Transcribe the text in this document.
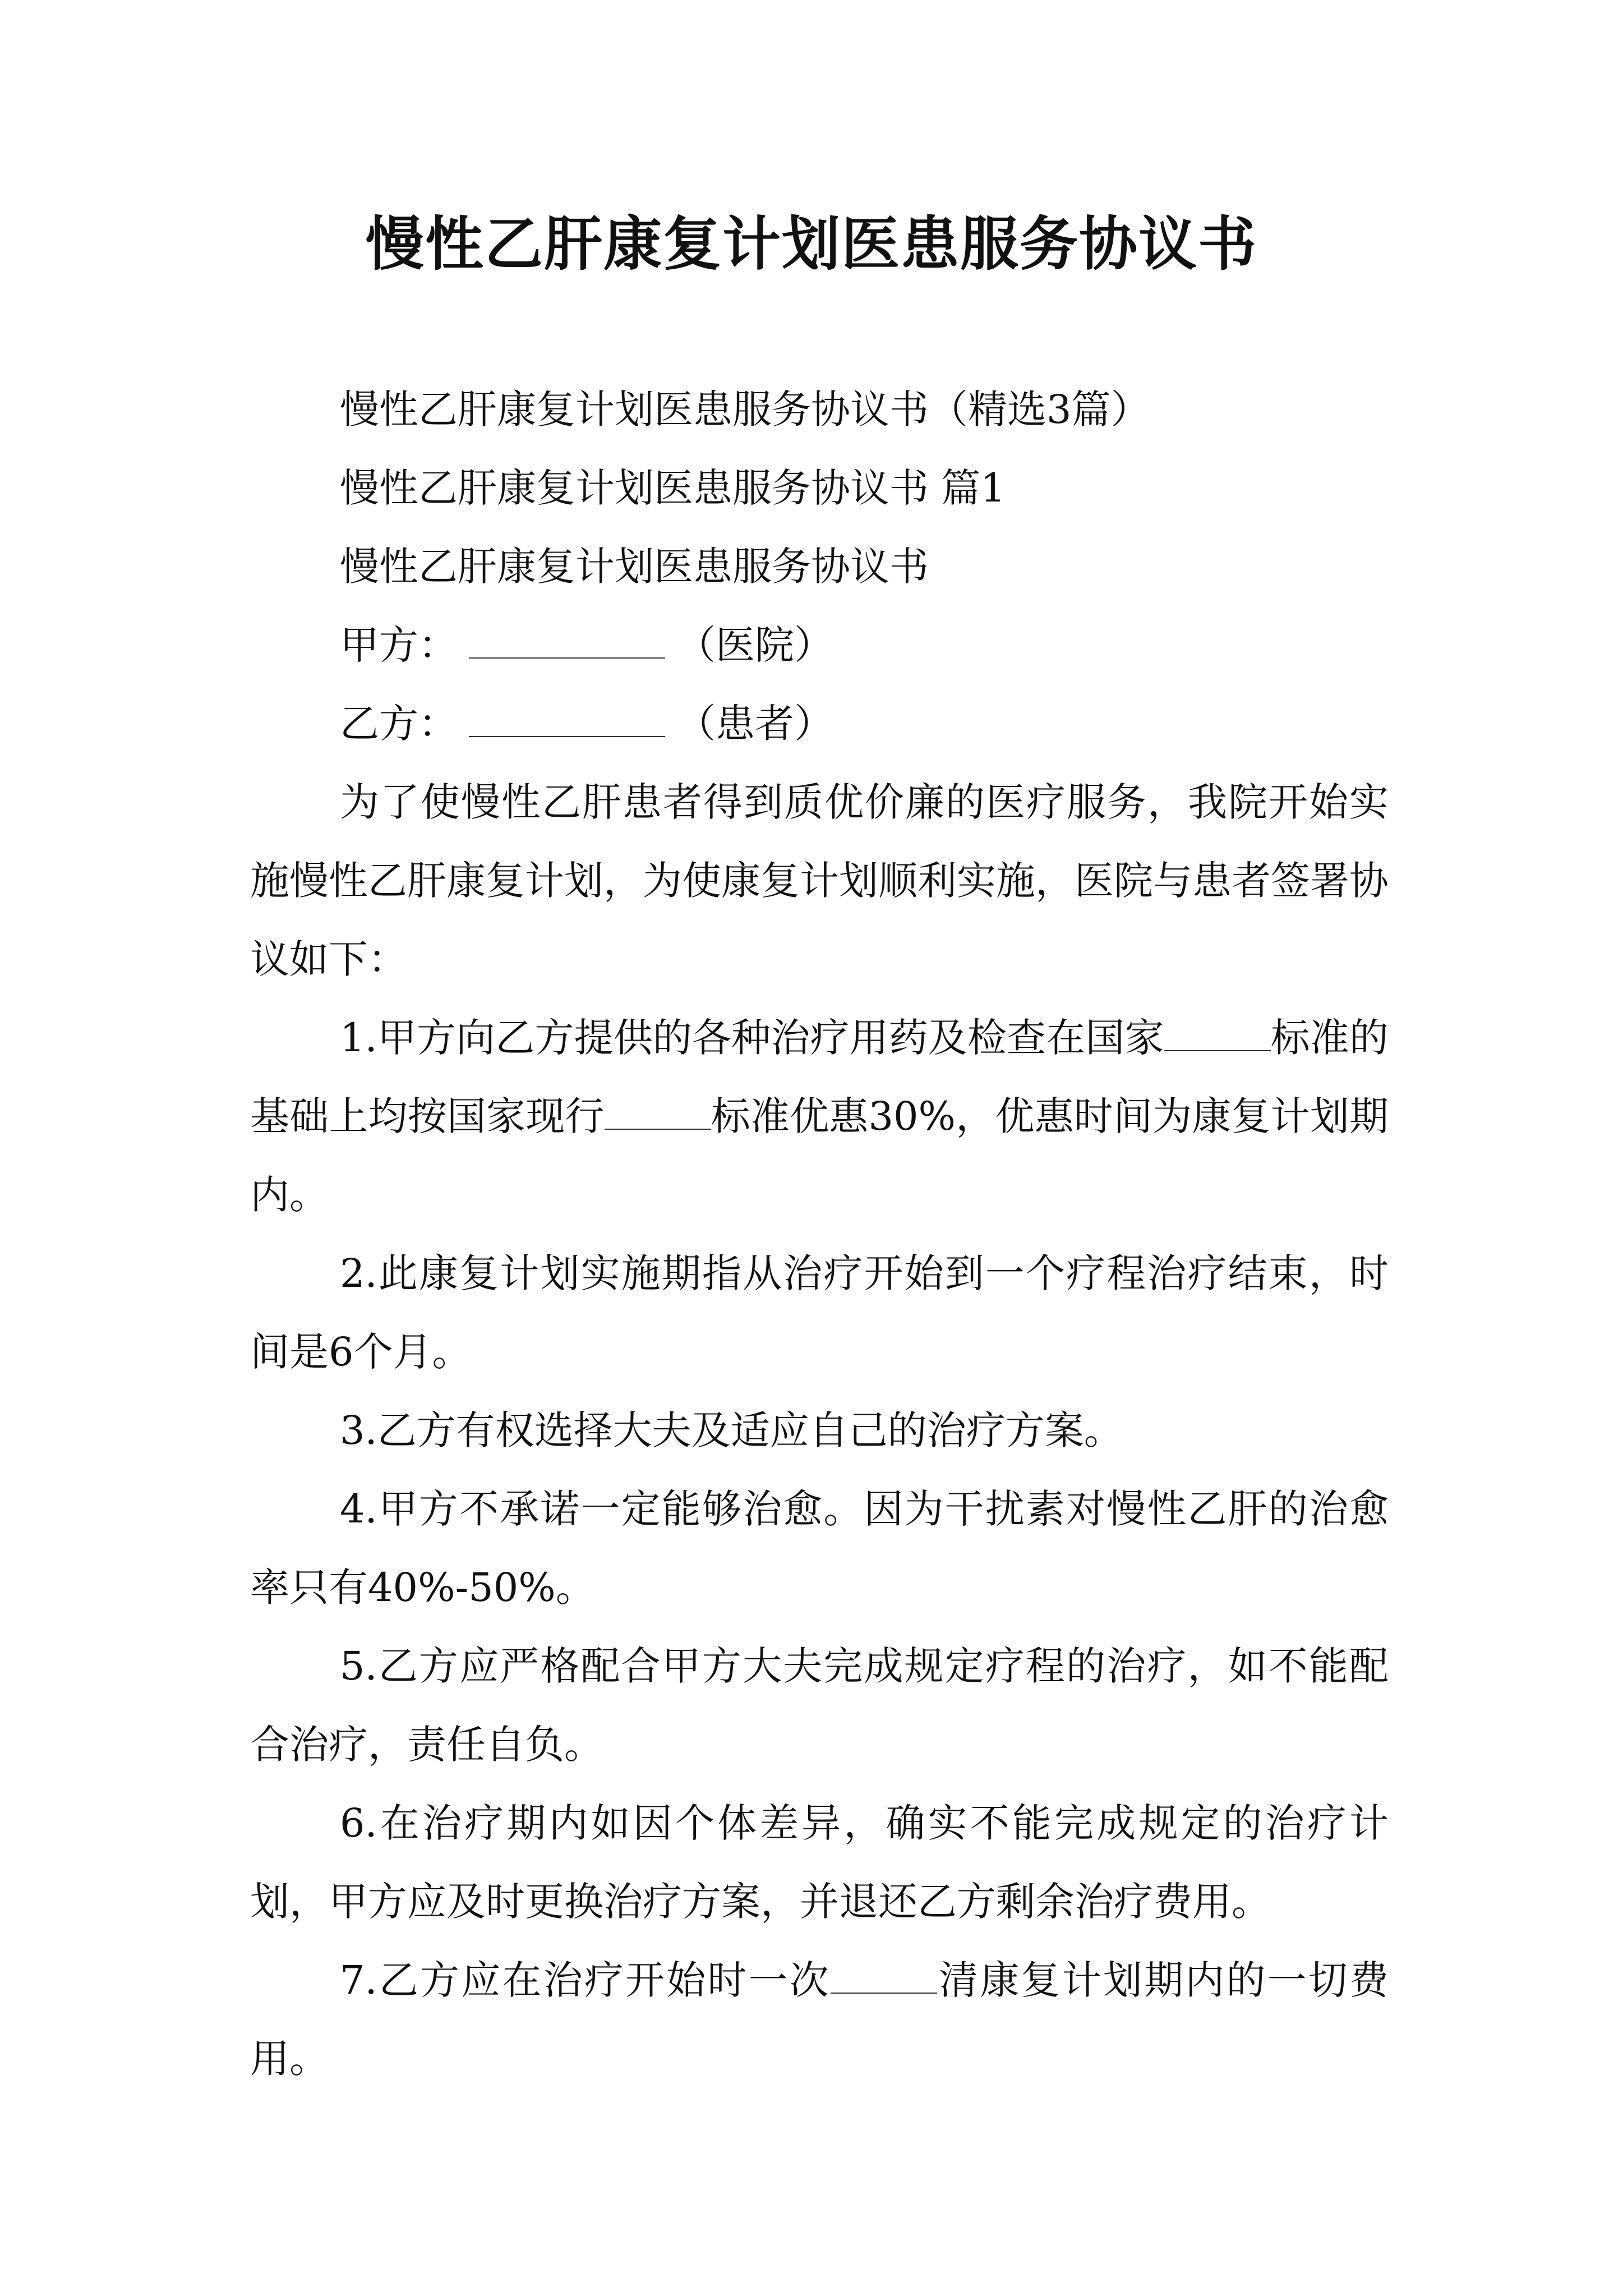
慢性乙肝康复计划医患服务协议书

慢性乙肝康复计划医患服务协议书（精选3篇）

慢性乙肝康复计划医患服务协议书 篇1

慢性乙肝康复计划医患服务协议书

甲方：	（医院）

乙方：	（患者）

为了使慢性乙肝患者得到质优价廉的医疗服务，我院开始实施慢性乙肝康复计划，为使康复计划顺利实施，医院与患者签署协议如下：

1.甲方向乙方提供的各种治疗用药及检查在国家	标准的基础上均按国家现行	标准优惠30%，优惠时间为康复计划期内。

2.此康复计划实施期指从治疗开始到一个疗程治疗结束，时间是6个月。

3.乙方有权选择大夫及适应自己的治疗方案。

4.甲方不承诺一定能够治愈。因为干扰素对慢性乙肝的治愈率只有40%-50%。

5.乙方应严格配合甲方大夫完成规定疗程的治疗，如不能配合治疗，责任自负。

6.在治疗期内如因个体差异，确实不能完成规定的治疗计划，甲方应及时更换治疗方案，并退还乙方剩余治疗费用。

7.乙方应在治疗开始时一次	清康复计划期内的一切费用。
